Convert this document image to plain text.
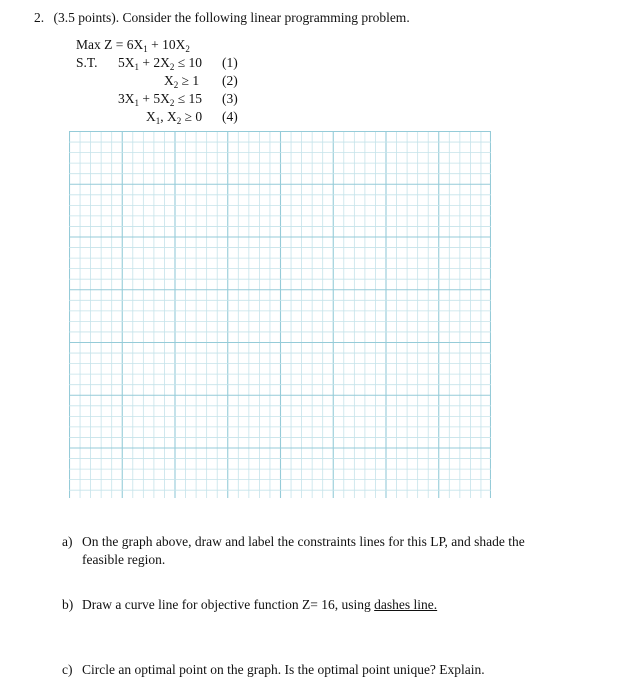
2. (3.5 points). Consider the following linear programming problem.
Max $Z = 6X_1 + 10X_2$
S.T. $5X_1 + 2X_2 \le 10$ (1)
$X_2 \ge 1$ (2)
$3X_1 + 5X_2 \le 15$ (3)
$X_1$, $X_2 \ge 0$ (4)
a) On the graph above, draw and label the constraints lines for this LP, and shade the feasible region.
b) Draw a curve line for objective function Z= 16, using dashes line.
c) Circle an optimal point on the graph. Is the optimal point unique? Explain.
